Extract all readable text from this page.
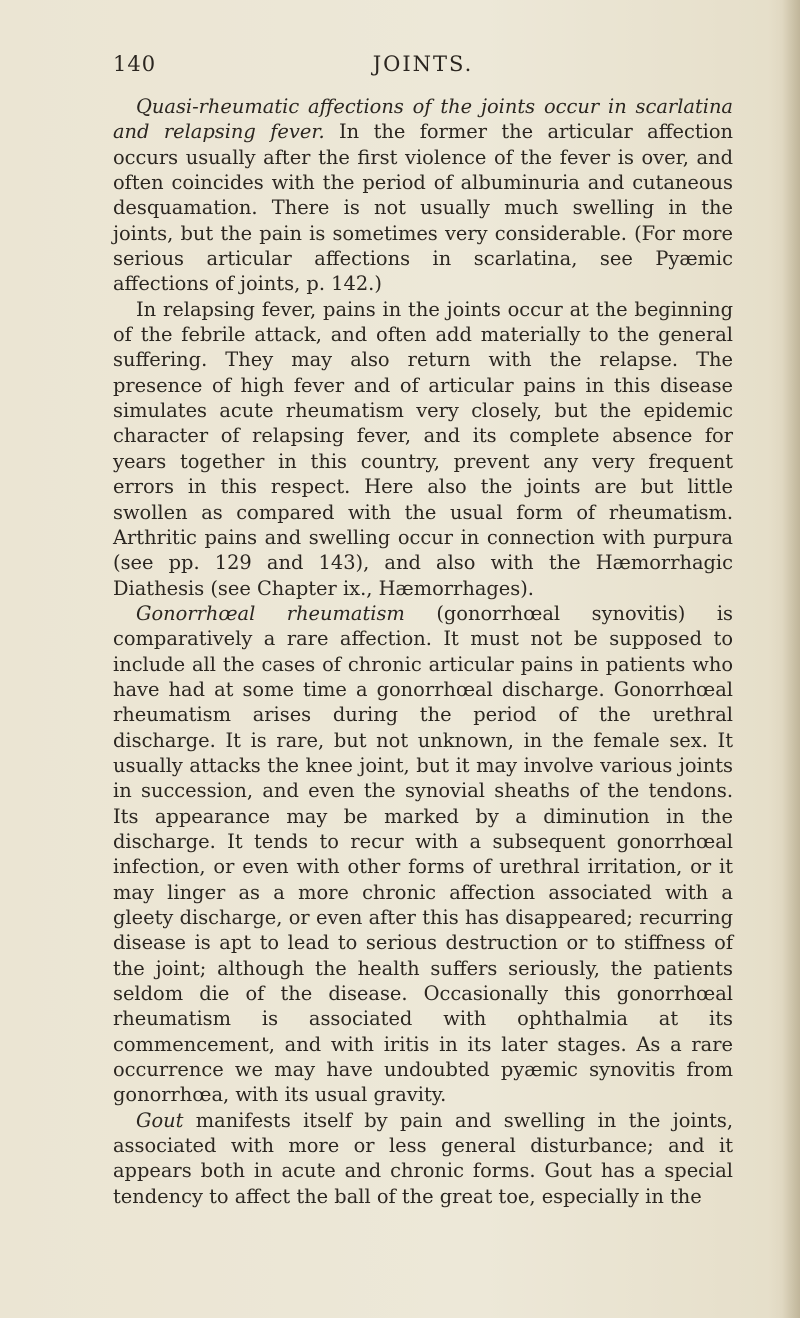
140	JOINTS.

Quasi-rheumatic affections of the joints occur in scarlatina and relapsing fever. In the former the articular affection occurs usually after the first violence of the fever is over, and often coincides with the period of albuminuria and cutaneous desquamation. There is not usually much swelling in the joints, but the pain is sometimes very considerable. (For more serious articular affections in scarlatina, see Pyæmic affections of joints, p. 142.)

In relapsing fever, pains in the joints occur at the beginning of the febrile attack, and often add materially to the general suffering. They may also return with the relapse. The presence of high fever and of articular pains in this disease simulates acute rheumatism very closely, but the epidemic character of relapsing fever, and its complete absence for years together in this country, prevent any very frequent errors in this respect. Here also the joints are but little swollen as compared with the usual form of rheumatism. Arthritic pains and swelling occur in connection with purpura (see pp. 129 and 143), and also with the Hæmorrhagic Diathesis (see Chapter ix., Hæmorrhages).

Gonorrhœal rheumatism (gonorrhœal synovitis) is comparatively a rare affection. It must not be supposed to include all the cases of chronic articular pains in patients who have had at some time a gonorrhœal discharge. Gonorrhœal rheumatism arises during the period of the urethral discharge. It is rare, but not unknown, in the female sex. It usually attacks the knee joint, but it may involve various joints in succession, and even the synovial sheaths of the tendons. Its appearance may be marked by a diminution in the discharge. It tends to recur with a subsequent gonorrhœal infection, or even with other forms of urethral irritation, or it may linger as a more chronic affection associated with a gleety discharge, or even after this has disappeared; recurring disease is apt to lead to serious destruction or to stiffness of the joint; although the health suffers seriously, the patients seldom die of the disease. Occasionally this gonorrhœal rheumatism is associated with ophthalmia at its commencement, and with iritis in its later stages. As a rare occurrence we may have undoubted pyæmic synovitis from gonorrhœa, with its usual gravity.

Gout manifests itself by pain and swelling in the joints, associated with more or less general disturbance; and it appears both in acute and chronic forms. Gout has a special tendency to affect the ball of the great toe, especially in the
